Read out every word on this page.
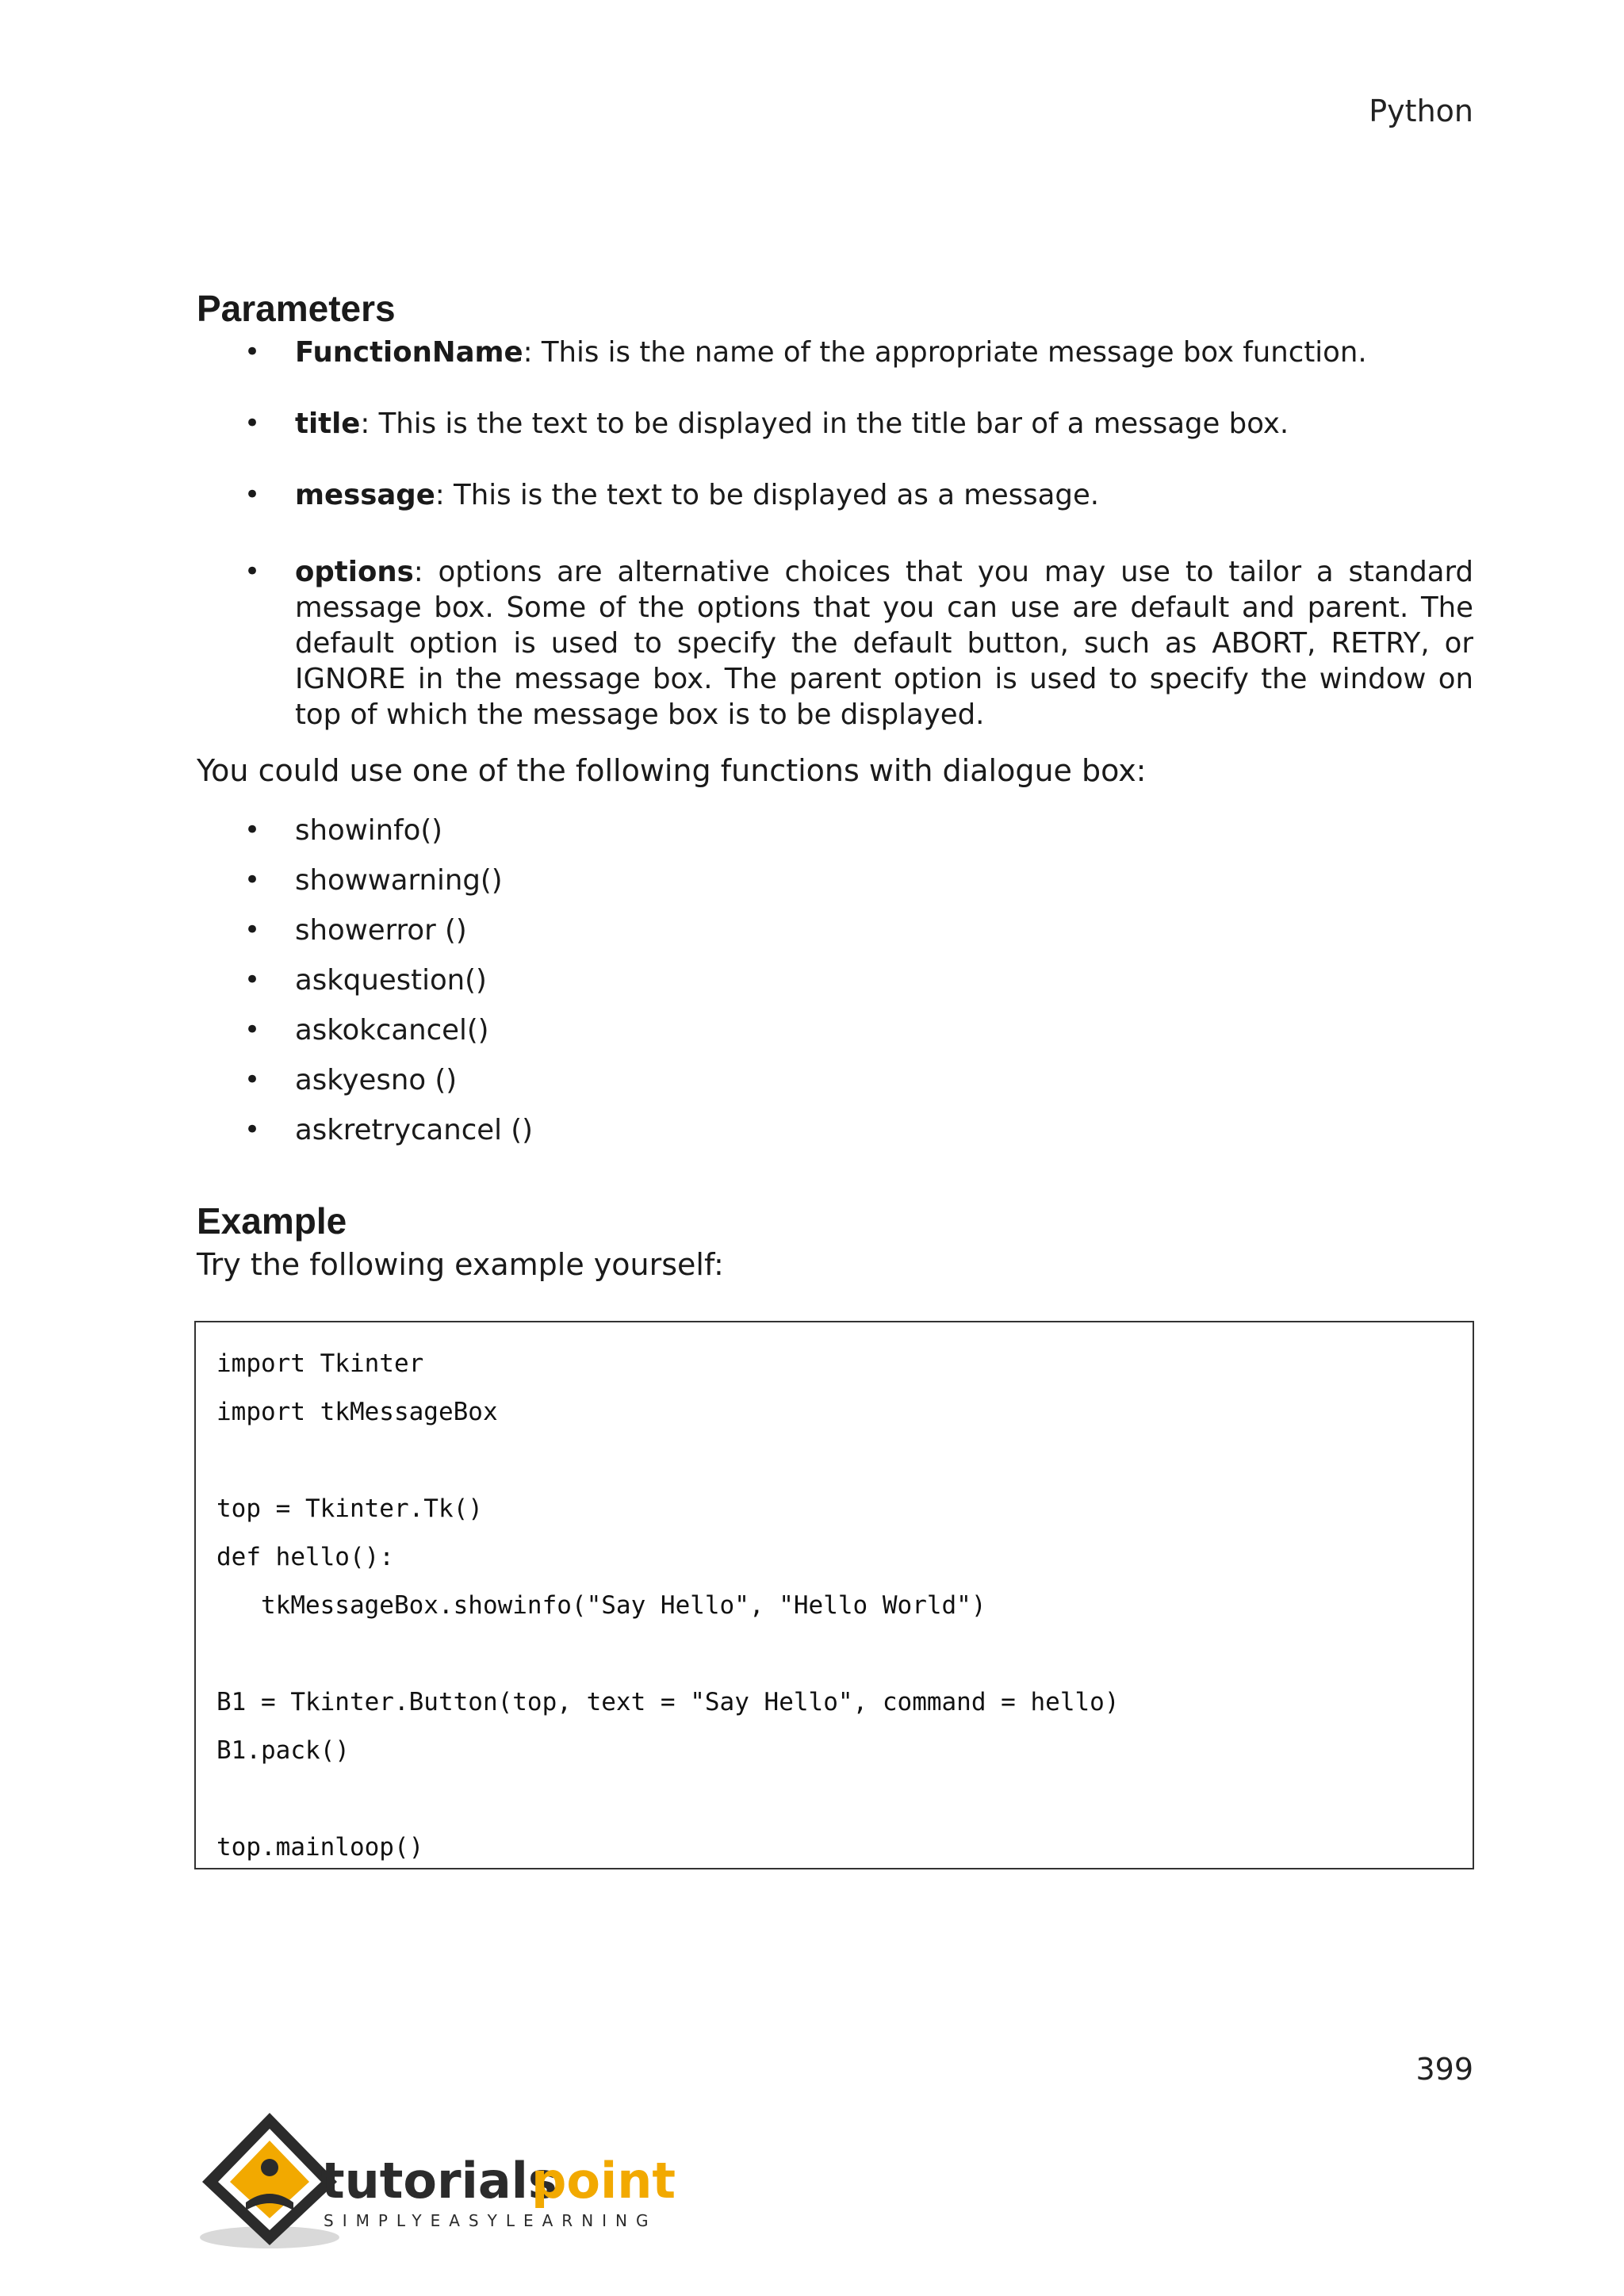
Python
Parameters
• FunctionName: This is the name of the appropriate message box function.
• title: This is the text to be displayed in the title bar of a message box.
• message: This is the text to be displayed as a message.
• options: options are alternative choices that you may use to tailor a standard message box. Some of the options that you can use are default and parent. The default option is used to specify the default button, such as ABORT, RETRY, or IGNORE in the message box. The parent option is used to specify the window on top of which the message box is to be displayed.
You could use one of the following functions with dialogue box:
• showinfo()
• showwarning()
• showerror ()
• askquestion()
• askokcancel()
• askyesno ()
• askretrycancel ()
Example
Try the following example yourself:
import Tkinter
import tkMessageBox
top = Tkinter.Tk()
def hello():
tkMessageBox.showinfo("Say Hello", "Hello World")
B1 = Tkinter.Button(top, text = "Say Hello", command = hello)
B1.pack()
top.mainloop()
399
tutorials
point
SIMPLYEASYLEARNING
